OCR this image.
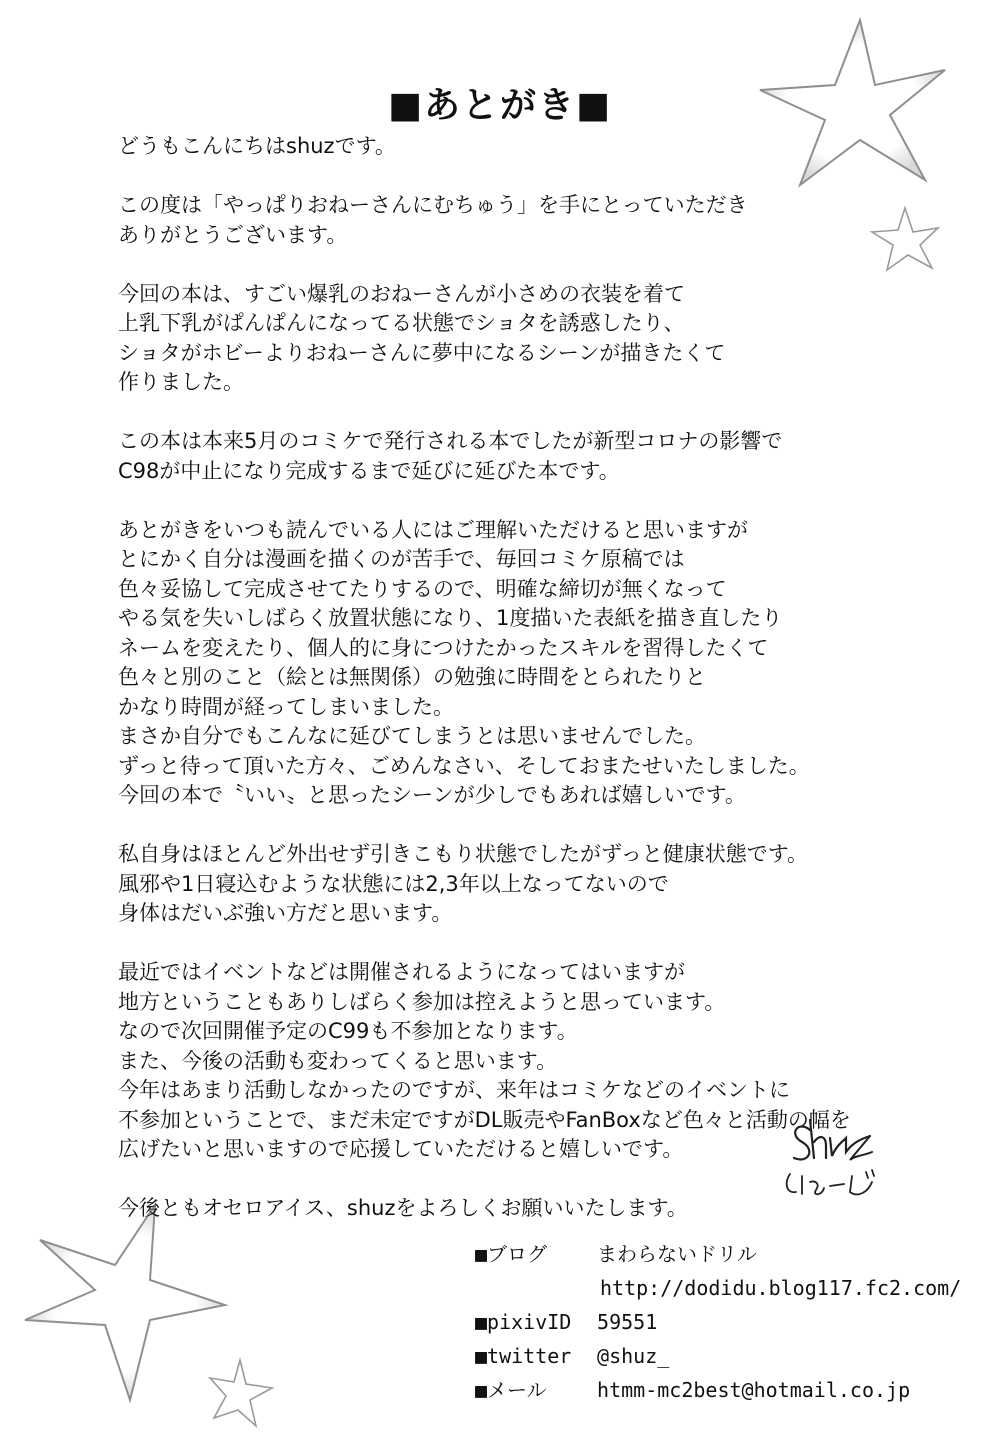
■あとがき■
どうもこんにちはshuzです。
この度は「やっぱりおねーさんにむちゅう」を手にとっていただき
ありがとうございます。
今回の本は、すごい爆乳のおねーさんが小さめの衣装を着て
上乳下乳がぱんぱんになってる状態でショタを誘惑したり、
ショタがホビーよりおねーさんに夢中になるシーンが描きたくて
作りました。
この本は本来5月のコミケで発行される本でしたが新型コロナの影響で
C98が中止になり完成するまで延びに延びた本です。
あとがきをいつも読んでいる人にはご理解いただけると思いますが
とにかく自分は漫画を描くのが苦手で、毎回コミケ原稿では
色々妥協して完成させてたりするので、明確な締切が無くなって
やる気を失いしばらく放置状態になり、1度描いた表紙を描き直したり
ネームを変えたり、個人的に身につけたかったスキルを習得したくて
色々と別のこと（絵とは無関係）の勉強に時間をとられたりと
かなり時間が経ってしまいました。
まさか自分でもこんなに延びてしまうとは思いませんでした。
ずっと待って頂いた方々、ごめんなさい、そしておまたせいたしました。
今回の本で〝いい〟と思ったシーンが少しでもあれば嬉しいです。
私自身はほとんど外出せず引きこもり状態でしたがずっと健康状態です。
風邪や1日寝込むような状態には2,3年以上なってないので
身体はだいぶ強い方だと思います。
最近ではイベントなどは開催されるようになってはいますが
地方ということもありしばらく参加は控えようと思っています。
なので次回開催予定のC99も不参加となります。
また、今後の活動も変わってくると思います。
今年はあまり活動しなかったのですが、来年はコミケなどのイベントに
不参加ということで、まだ未定ですがDL販売やFanBoxなど色々と活動の幅を
広げたいと思いますので応援していただけると嬉しいです。
今後ともオセロアイス、shuzをよろしくお願いいたします。
■ブログ	まわらないドリル
http://dodidu.blog117.fc2.com/
■pixivID 59551
■twitter @shuz_
■メール	htmm-mc2best@hotmail.co.jp
